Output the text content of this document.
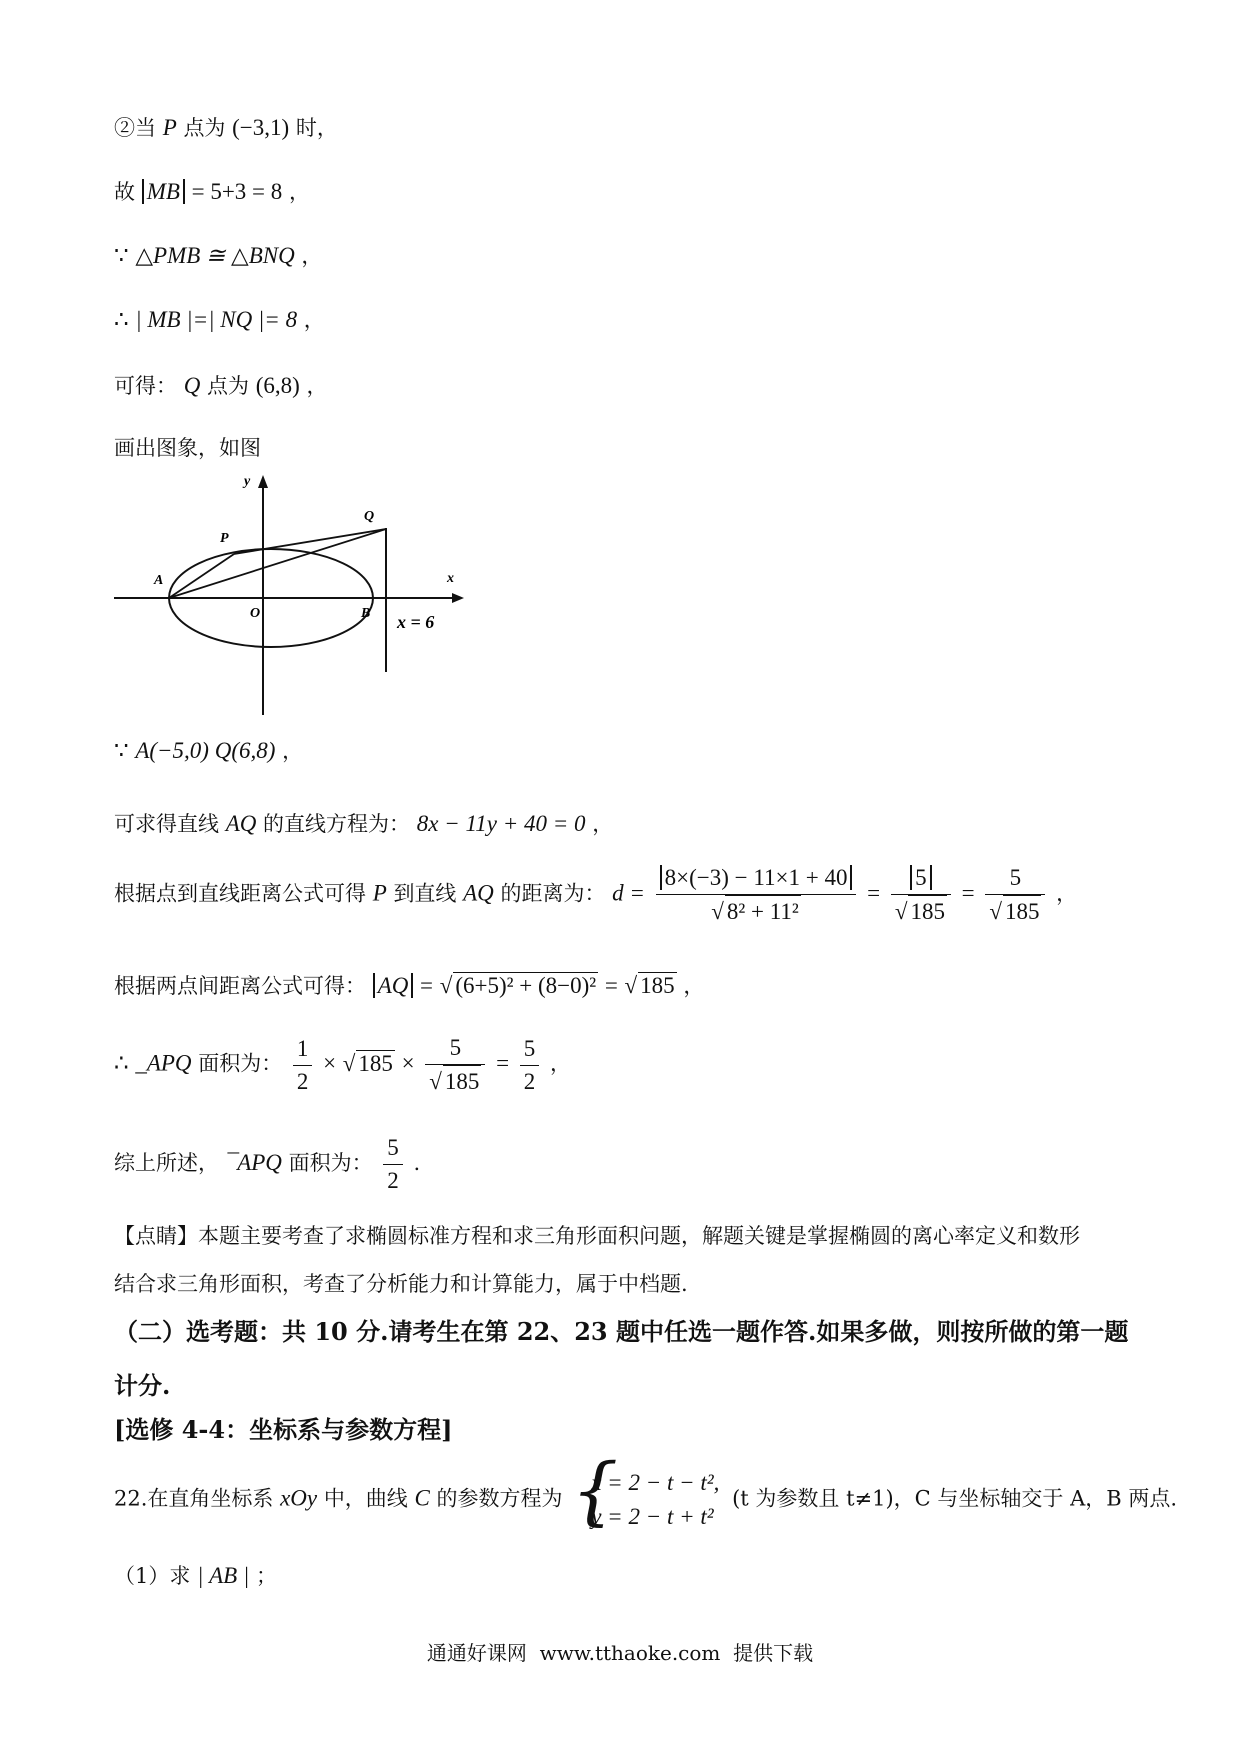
②当 P 点为 (−3,1) 时，
故 MB = 5+3 = 8 ，
∵ △PMB ≅ △BNQ ，
∴ | MB |=| NQ |= 8 ，
可得： Q 点为 (6,8) ，
画出图象，如图
y
x
Q
P
A
O	B x = 6
∵ A(−5,0) Q(6,8) ，
可求得直线 AQ 的直线方程为： 8x − 11y + 40 = 0 ，
根据点到直线距离公式可得 P 到直线 AQ 的距离为： $d = \frac{8\times(-3) - 11\times 1 + 40}{\text{√ 8² + 11²}} = \frac{5}{√ 185} = \frac{5}{√ 185}$ ，
根据两点间距离公式可得： AQ = √ (6+5)² + (8−0)² = √ 185 ，
∴ _APQ 面积为： $\frac{1}{2}$ × √ $185 \times \frac{5}{√ 185} = \frac{5}{2}$ ，
综上所述， ¯APQ 面积为： $\frac{5}{2}$ .
【点睛】本题主要考查了求椭圆标准方程和求三角形面积问题，解题关键是掌握椭圆的离心率定义和数形
结合求三角形面积，考查了分析能力和计算能力，属于中档题.
（二）选考题：共 10 分.请考生在第 22、23 题中任选一题作答.如果多做，则按所做的第一题
计分.
[选修 4-4：坐标系与参数方程]
22.在直角坐标系 xOy 中，曲线 C 的参数方程为
{ x = 2 − t − t²,
y = 2 − t + t²
(t 为参数且 t≠1)，C 与坐标轴交于 A，B 两点.
（1）求 | AB | ；
通通好课网 www.tthaoke.com 提供下载
